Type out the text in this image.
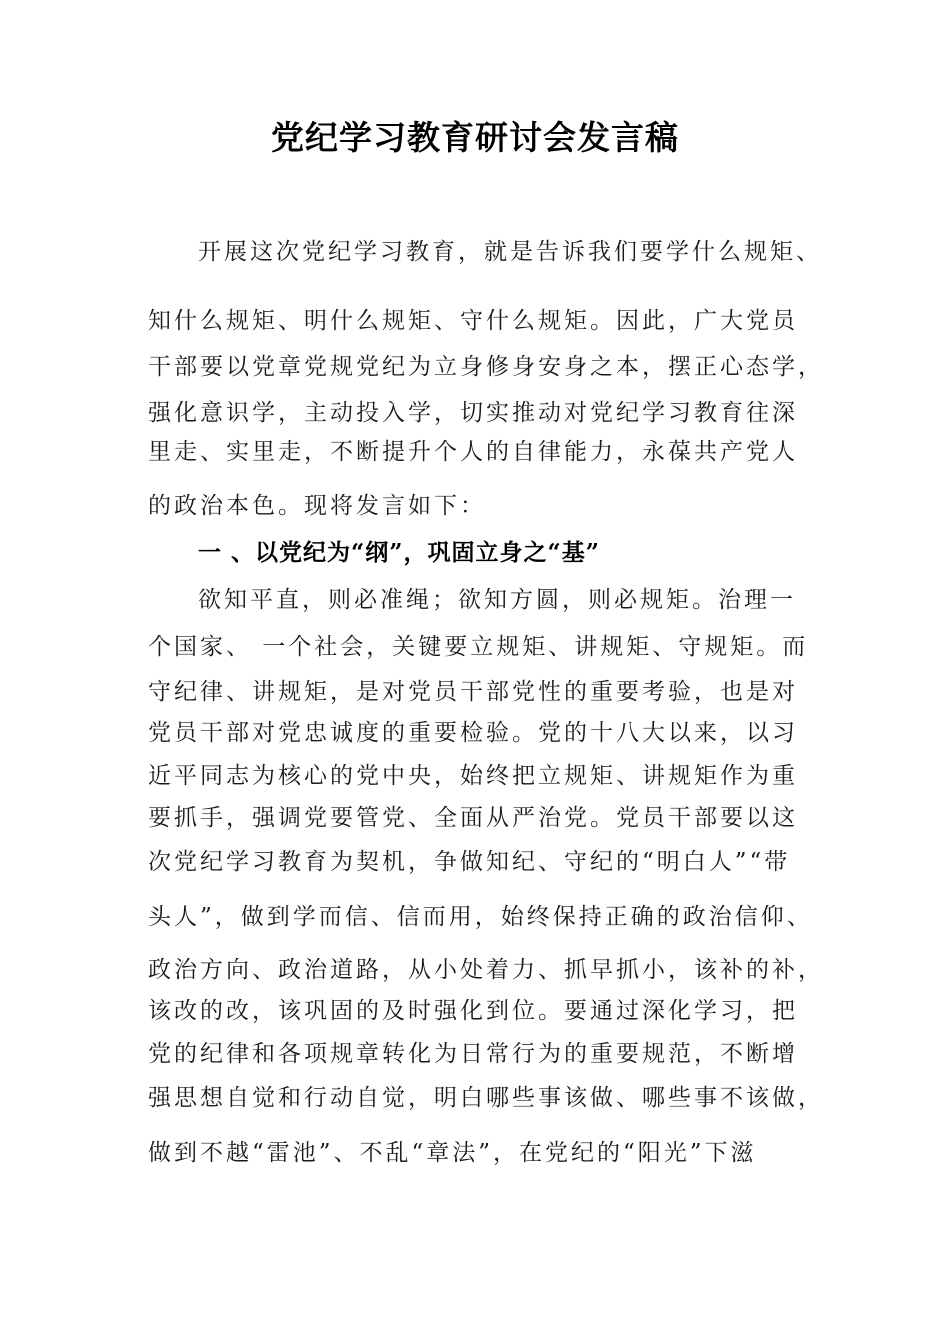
党纪学习教育研讨会发言稿
开展这次党纪学习教育，就是告诉我们要学什么规矩、
知什么规矩、明什么规矩、守什么规矩。因此，广大党员
干部要以党章党规党纪为立身修身安身之本，摆正心态学，
强化意识学，主动投入学，切实推动对党纪学习教育往深
里走、实里走，不断提升个人的自律能力，永葆共产党人
的政治本色。现将发言如下：
一 、以党纪为“纲”，巩固立身之“基”
欲知平直，则必准绳；欲知方圆，则必规矩。治理一
个国家、 一个社会，关键要立规矩、讲规矩、守规矩。而
守纪律、讲规矩，是对党员干部党性的重要考验，也是对
党员干部对党忠诚度的重要检验。党的十八大以来，以习
近平同志为核心的党中央，始终把立规矩、讲规矩作为重
要抓手，强调党要管党、全面从严治党。党员干部要以这
次党纪学习教育为契机，争做知纪、守纪的“明白人”“带
头人”，做到学而信、信而用，始终保持正确的政治信仰、
政治方向、政治道路，从小处着力、抓早抓小，该补的补，
该改的改，该巩固的及时强化到位。要通过深化学习，把
党的纪律和各项规章转化为日常行为的重要规范，不断增
强思想自觉和行动自觉，明白哪些事该做、哪些事不该做，
做到不越“雷池”、不乱“章法”，在党纪的“阳光”下滋
